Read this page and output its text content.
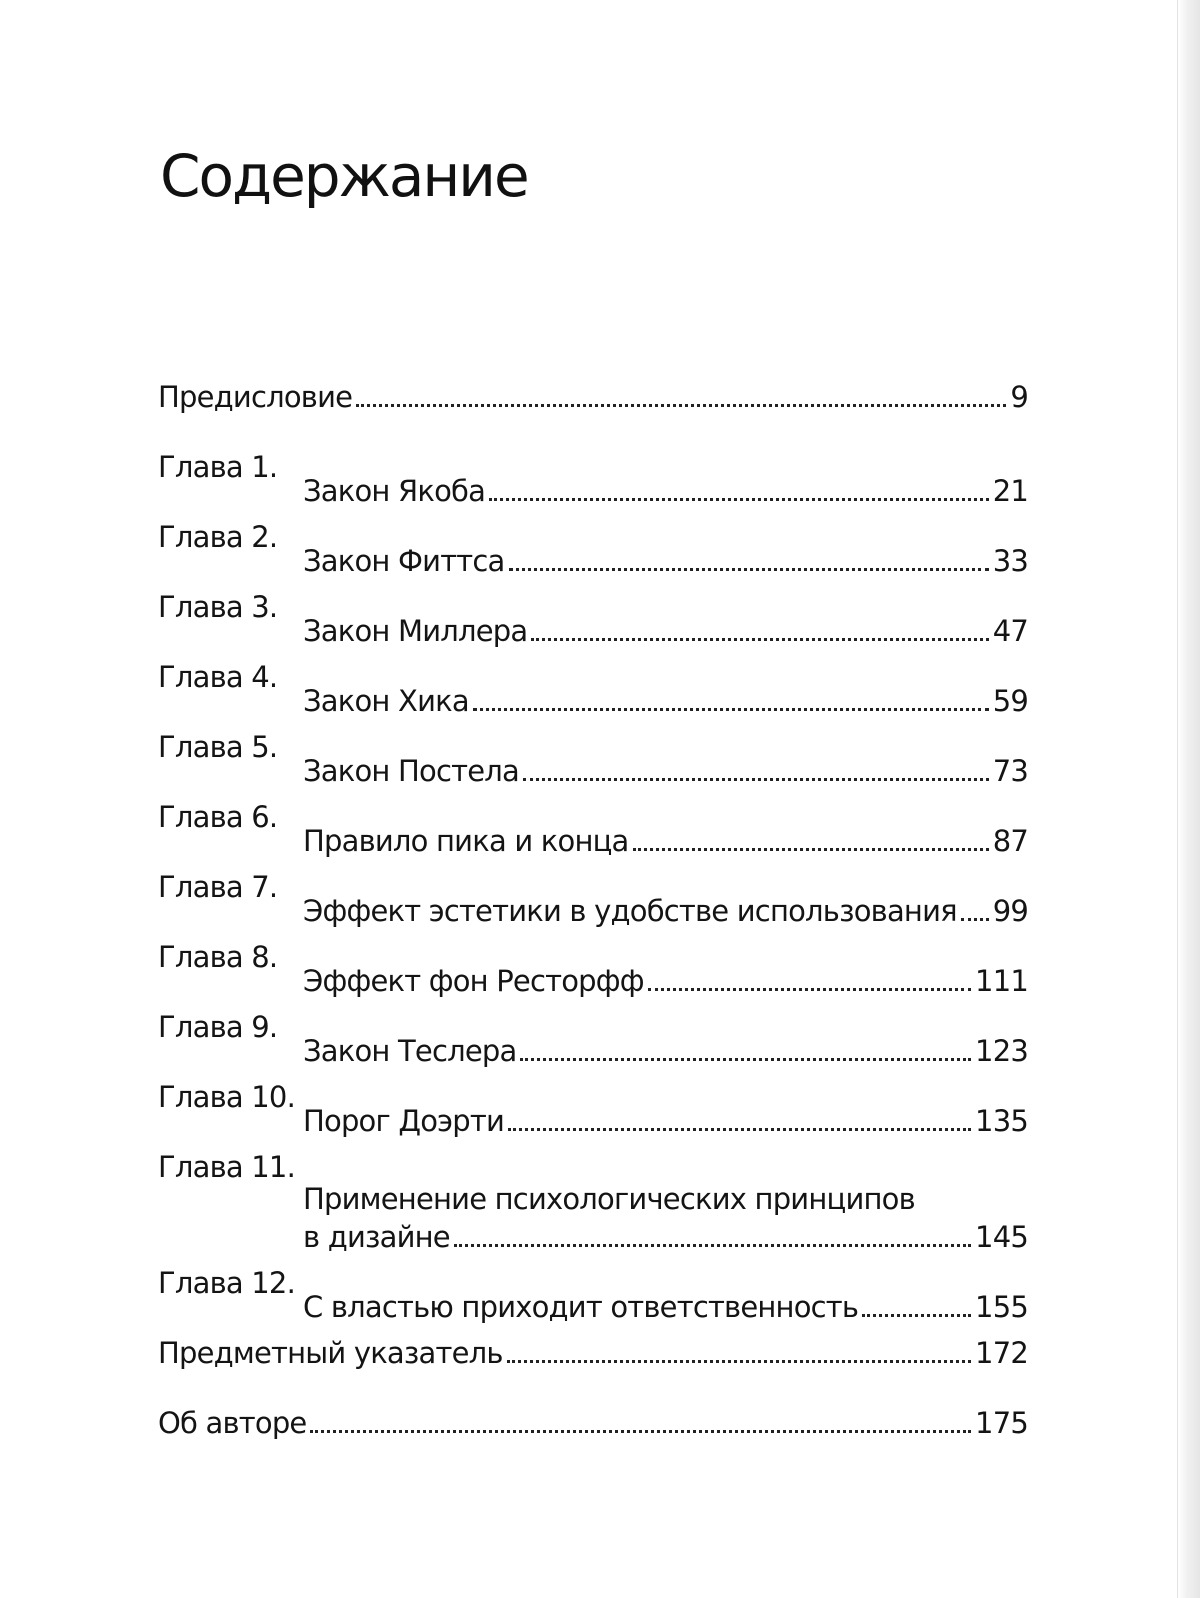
Содержание
Предисловие	9
Глава 1.
Закон Якоба	21
Глава 2.
Закон Фиттса	33
Глава 3.
Закон Миллера	47
Глава 4.
Закон Хика	59
Глава 5.
Закон Постела	73
Глава 6.
Правило пика и конца	87
Глава 7.
Эффект эстетики в удобстве использования 99
Глава 8.
Эффект фон Ресторфф	111
Глава 9.
Закон Теслера	123
Глава 10.
Порог Доэрти	135
Глава 11.
Применение психологических принципов
в дизайне	145
Глава 12.
С властью приходит ответственность	155
Предметный указатель	172
Об авторе	175
